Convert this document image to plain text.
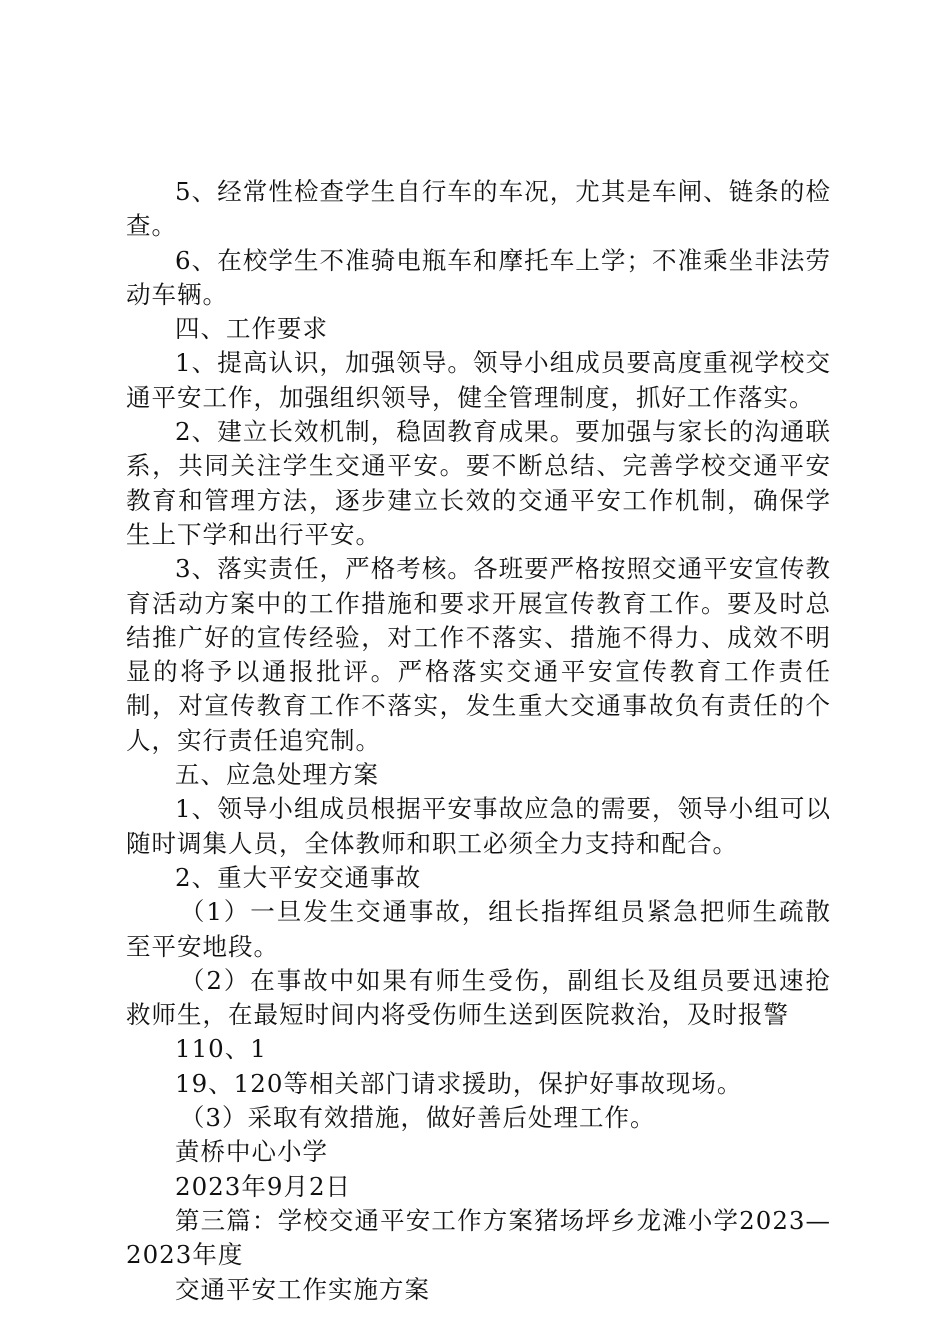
5、经常性检查学生自行车的车况，尤其是车闸、链条的检查。

6、在校学生不准骑电瓶车和摩托车上学；不准乘坐非法劳动车辆。

四、工作要求

1、提高认识，加强领导。领导小组成员要高度重视学校交通平安工作，加强组织领导，健全管理制度，抓好工作落实。

2、建立长效机制，稳固教育成果。要加强与家长的沟通联系，共同关注学生交通平安。要不断总结、完善学校交通平安教育和管理方法，逐步建立长效的交通平安工作机制，确保学生上下学和出行平安。

3、落实责任，严格考核。各班要严格按照交通平安宣传教育活动方案中的工作措施和要求开展宣传教育工作。要及时总结推广好的宣传经验，对工作不落实、措施不得力、成效不明显的将予以通报批评。严格落实交通平安宣传教育工作责任制，对宣传教育工作不落实，发生重大交通事故负有责任的个人，实行责任追究制。

五、应急处理方案

1、领导小组成员根据平安事故应急的需要，领导小组可以随时调集人员，全体教师和职工必须全力支持和配合。

2、重大平安交通事故

（1）一旦发生交通事故，组长指挥组员紧急把师生疏散至平安地段。

（2）在事故中如果有师生受伤，副组长及组员要迅速抢救师生，在最短时间内将受伤师生送到医院救治，及时报警

110、1

19、120等相关部门请求援助，保护好事故现场。

（3）采取有效措施，做好善后处理工作。

黄桥中心小学

2023年9月2日

第三篇：学校交通平安工作方案猪场坪乡龙滩小学2023—2023年度

交通平安工作实施方案
